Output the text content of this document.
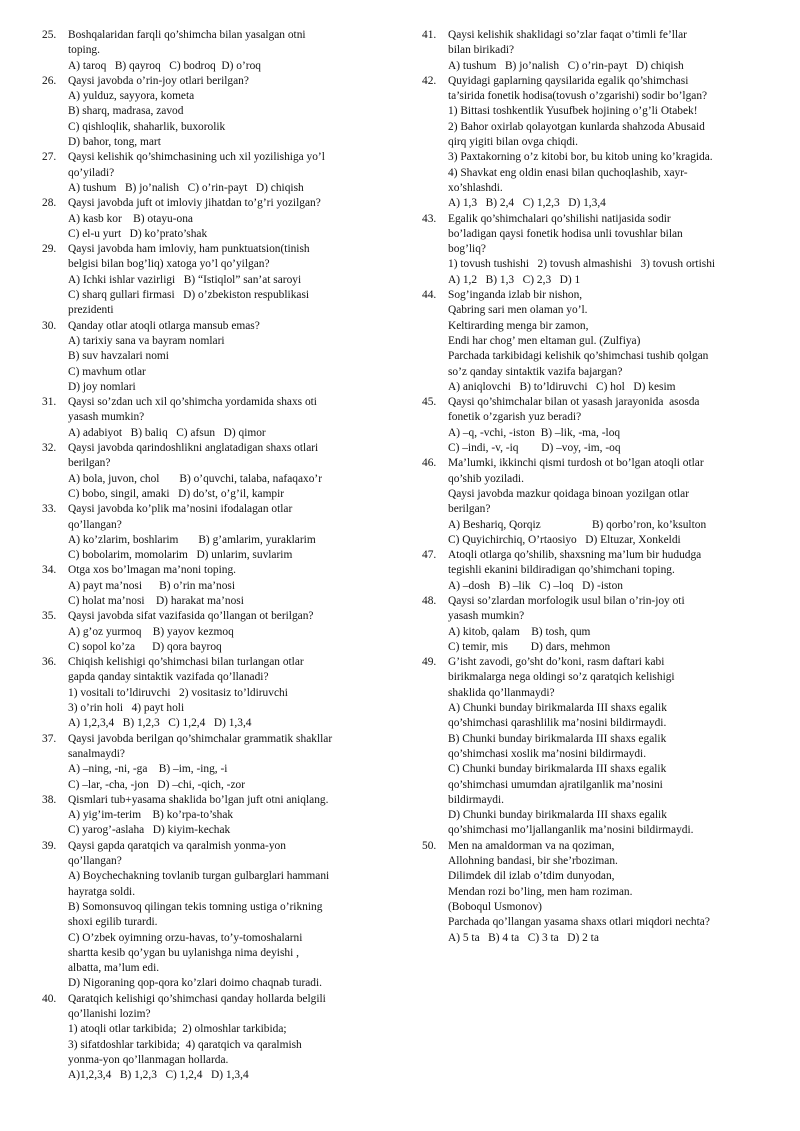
25.	Boshqalaridan farqli qo’shimcha bilan yasalgan otni
toping.
A) taroq   B) qayroq   C) bodroq  D) o’roq
26.	Qaysi javobda o’rin-joy otlari berilgan?
A) yulduz, sayyora, kometa
B) sharq, madrasa, zavod
C) qishloqlik, shaharlik, buxorolik
D) bahor, tong, mart
27.	Qaysi kelishik qo’shimchasining uch xil yozilishiga yo’l
qo’yiladi?
A) tushum   B) jo’nalish   C) o’rin-payt   D) chiqish
28.	Qaysi javobda juft ot imloviy jihatdan to’g’ri yozilgan?
A) kasb kor    B) otayu-ona
C) el-u yurt   D) ko’prato’shak
29.	Qaysi javobda ham imloviy, ham punktuatsion(tinish
belgisi bilan bog’liq) xatoga yo’l qo’yilgan?
A) Ichki ishlar vazirligi   B) “Istiqlol” san’at saroyi
C) sharq gullari firmasi   D) o’zbekiston respublikasi
prezidenti
30.	Qanday otlar atoqli otlarga mansub emas?
A) tarixiy sana va bayram nomlari
B) suv havzalari nomi
C) mavhum otlar
D) joy nomlari
31.	Qaysi so’zdan uch xil qo’shimcha yordamida shaxs oti
yasash mumkin?
A) adabiyot   B) baliq   C) afsun   D) qimor
32.	Qaysi javobda qarindoshlikni anglatadigan shaxs otlari
berilgan?
A) bola, juvon, chol       B) o’quvchi, talaba, nafaqaxo’r
C) bobo, singil, amaki   D) do’st, o’g’il, kampir
33.	Qaysi javobda ko’plik ma’nosini ifodalagan otlar
qo’llangan?
A) ko’zlarim, boshlarim       B) g’amlarim, yuraklarim
C) bobolarim, momolarim   D) unlarim, suvlarim
34.	Otga xos bo’lmagan ma’noni toping.
A) payt ma’nosi      B) o’rin ma’nosi
C) holat ma’nosi    D) harakat ma’nosi
35.	Qaysi javobda sifat vazifasida qo’llangan ot berilgan?
A) g’oz yurmoq    B) yayov kezmoq
C) sopol ko’za      D) qora bayroq
36.	Chiqish kelishigi qo’shimchasi bilan turlangan otlar
gapda qanday sintaktik vazifada qo’llanadi?
1) vositali to’ldiruvchi   2) vositasiz to’ldiruvchi
3) o’rin holi   4) payt holi
A) 1,2,3,4   B) 1,2,3   C) 1,2,4   D) 1,3,4
37.	Qaysi javobda berilgan qo’shimchalar grammatik shakllar
sanalmaydi?
A) –ning, -ni, -ga    B) –im, -ing, -i
C) –lar, -cha, -jon   D) –chi, -qich, -zor
38.	Qismlari tub+yasama shaklida bo’lgan juft otni aniqlang.
A) yig’im-terim    B) ko’rpa-to’shak
C) yarog’-aslaha   D) kiyim-kechak
39.	Qaysi gapda qaratqich va qaralmish yonma-yon
qo’llangan?
A) Boychechakning tovlanib turgan gulbarglari hammani
hayratga soldi.
B) Somonsuvoq qilingan tekis tomning ustiga o’rikning
shoxi egilib turardi.
C) O’zbek oyimning orzu-havas, to’y-tomoshalarni
shartta kesib qo’ygan bu uylanishga nima deyishi ,
albatta, ma’lum edi.
D) Nigoraning qop-qora ko’zlari doimo chaqnab turadi.
40.	Qaratqich kelishigi qo’shimchasi qanday hollarda belgili
qo’llanishi lozim?
1) atoqli otlar tarkibida;  2) olmoshlar tarkibida;
3) sifatdoshlar tarkibida;  4) qaratqich va qaralmish
yonma-yon qo’llanmagan hollarda.
A)1,2,3,4   B) 1,2,3   C) 1,2,4   D) 1,3,4
41.	Qaysi kelishik shaklidagi so’zlar faqat o’timli fe’llar
bilan birikadi?
A) tushum   B) jo’nalish   C) o’rin-payt   D) chiqish
42.	Quyidagi gaplarning qaysilarida egalik qo’shimchasi
ta’sirida fonetik hodisa(tovush o’zgarishi) sodir bo’lgan?
1) Bittasi toshkentlik Yusufbek hojining o’g’li Otabek!
2) Bahor oxirlab qolayotgan kunlarda shahzoda Abusaid
qirq yigiti bilan ovga chiqdi.
3) Paxtakorning o’z kitobi bor, bu kitob uning ko’kragida.
4) Shavkat eng oldin enasi bilan quchoqlashib, xayr-
xo’shlashdi.
A) 1,3   B) 2,4   C) 1,2,3   D) 1,3,4
43.	Egalik qo’shimchalari qo’shilishi natijasida sodir
bo’ladigan qaysi fonetik hodisa unli tovushlar bilan
bog’liq?
1) tovush tushishi   2) tovush almashishi   3) tovush ortishi
A) 1,2   B) 1,3   C) 2,3   D) 1
44.	Sog’inganda izlab bir nishon,
Qabring sari men olaman yo’l.
Keltirarding menga bir zamon,
Endi har chog’ men eltaman gul. (Zulfiya)
Parchada tarkibidagi kelishik qo’shimchasi tushib qolgan
so’z qanday sintaktik vazifa bajargan?
A) aniqlovchi   B) to’ldiruvchi   C) hol   D) kesim
45.	Qaysi qo’shimchalar bilan ot yasash jarayonida  asosda
fonetik o’zgarish yuz beradi?
A) –q, -vchi, -iston  B) –lik, -ma, -loq
C) –indi, -v, -iq        D) –voy, -im, -oq
46.	Ma’lumki, ikkinchi qismi turdosh ot bo’lgan atoqli otlar
qo’shib yoziladi.
Qaysi javobda mazkur qoidaga binoan yozilgan otlar
berilgan?
A) Beshariq, Qorqiz                  B) qorbo’ron, ko’ksulton
C) Quyichirchiq, O’rtaosiyo   D) Eltuzar, Xonkeldi
47.	Atoqli otlarga qo’shilib, shaxsning ma’lum bir hududga
tegishli ekanini bildiradigan qo’shimchani toping.
A) –dosh   B) –lik   C) –loq   D) -iston
48.	Qaysi so’zlardan morfologik usul bilan o’rin-joy oti
yasash mumkin?
A) kitob, qalam    B) tosh, qum
C) temir, mis        D) dars, mehmon
49.	G’isht zavodi, go’sht do’koni, rasm daftari kabi
birikmalarga nega oldingi so’z qaratqich kelishigi
shaklida qo’llanmaydi?
A) Chunki bunday birikmalarda III shaxs egalik
qo’shimchasi qarashlilik ma’nosini bildirmaydi.
B) Chunki bunday birikmalarda III shaxs egalik
qo’shimchasi xoslik ma’nosini bildirmaydi.
C) Chunki bunday birikmalarda III shaxs egalik
qo’shimchasi umumdan ajratilganlik ma’nosini
bildirmaydi.
D) Chunki bunday birikmalarda III shaxs egalik
qo’shimchasi mo’ljallanganlik ma’nosini bildirmaydi.
50.	Men na amaldorman va na qoziman,
Allohning bandasi, bir she’rboziman.
Dilimdek dil izlab o’tdim dunyodan,
Mendan rozi bo’ling, men ham roziman.
(Boboqul Usmonov)
Parchada qo’llangan yasama shaxs otlari miqdori nechta?
A) 5 ta   B) 4 ta   C) 3 ta   D) 2 ta
